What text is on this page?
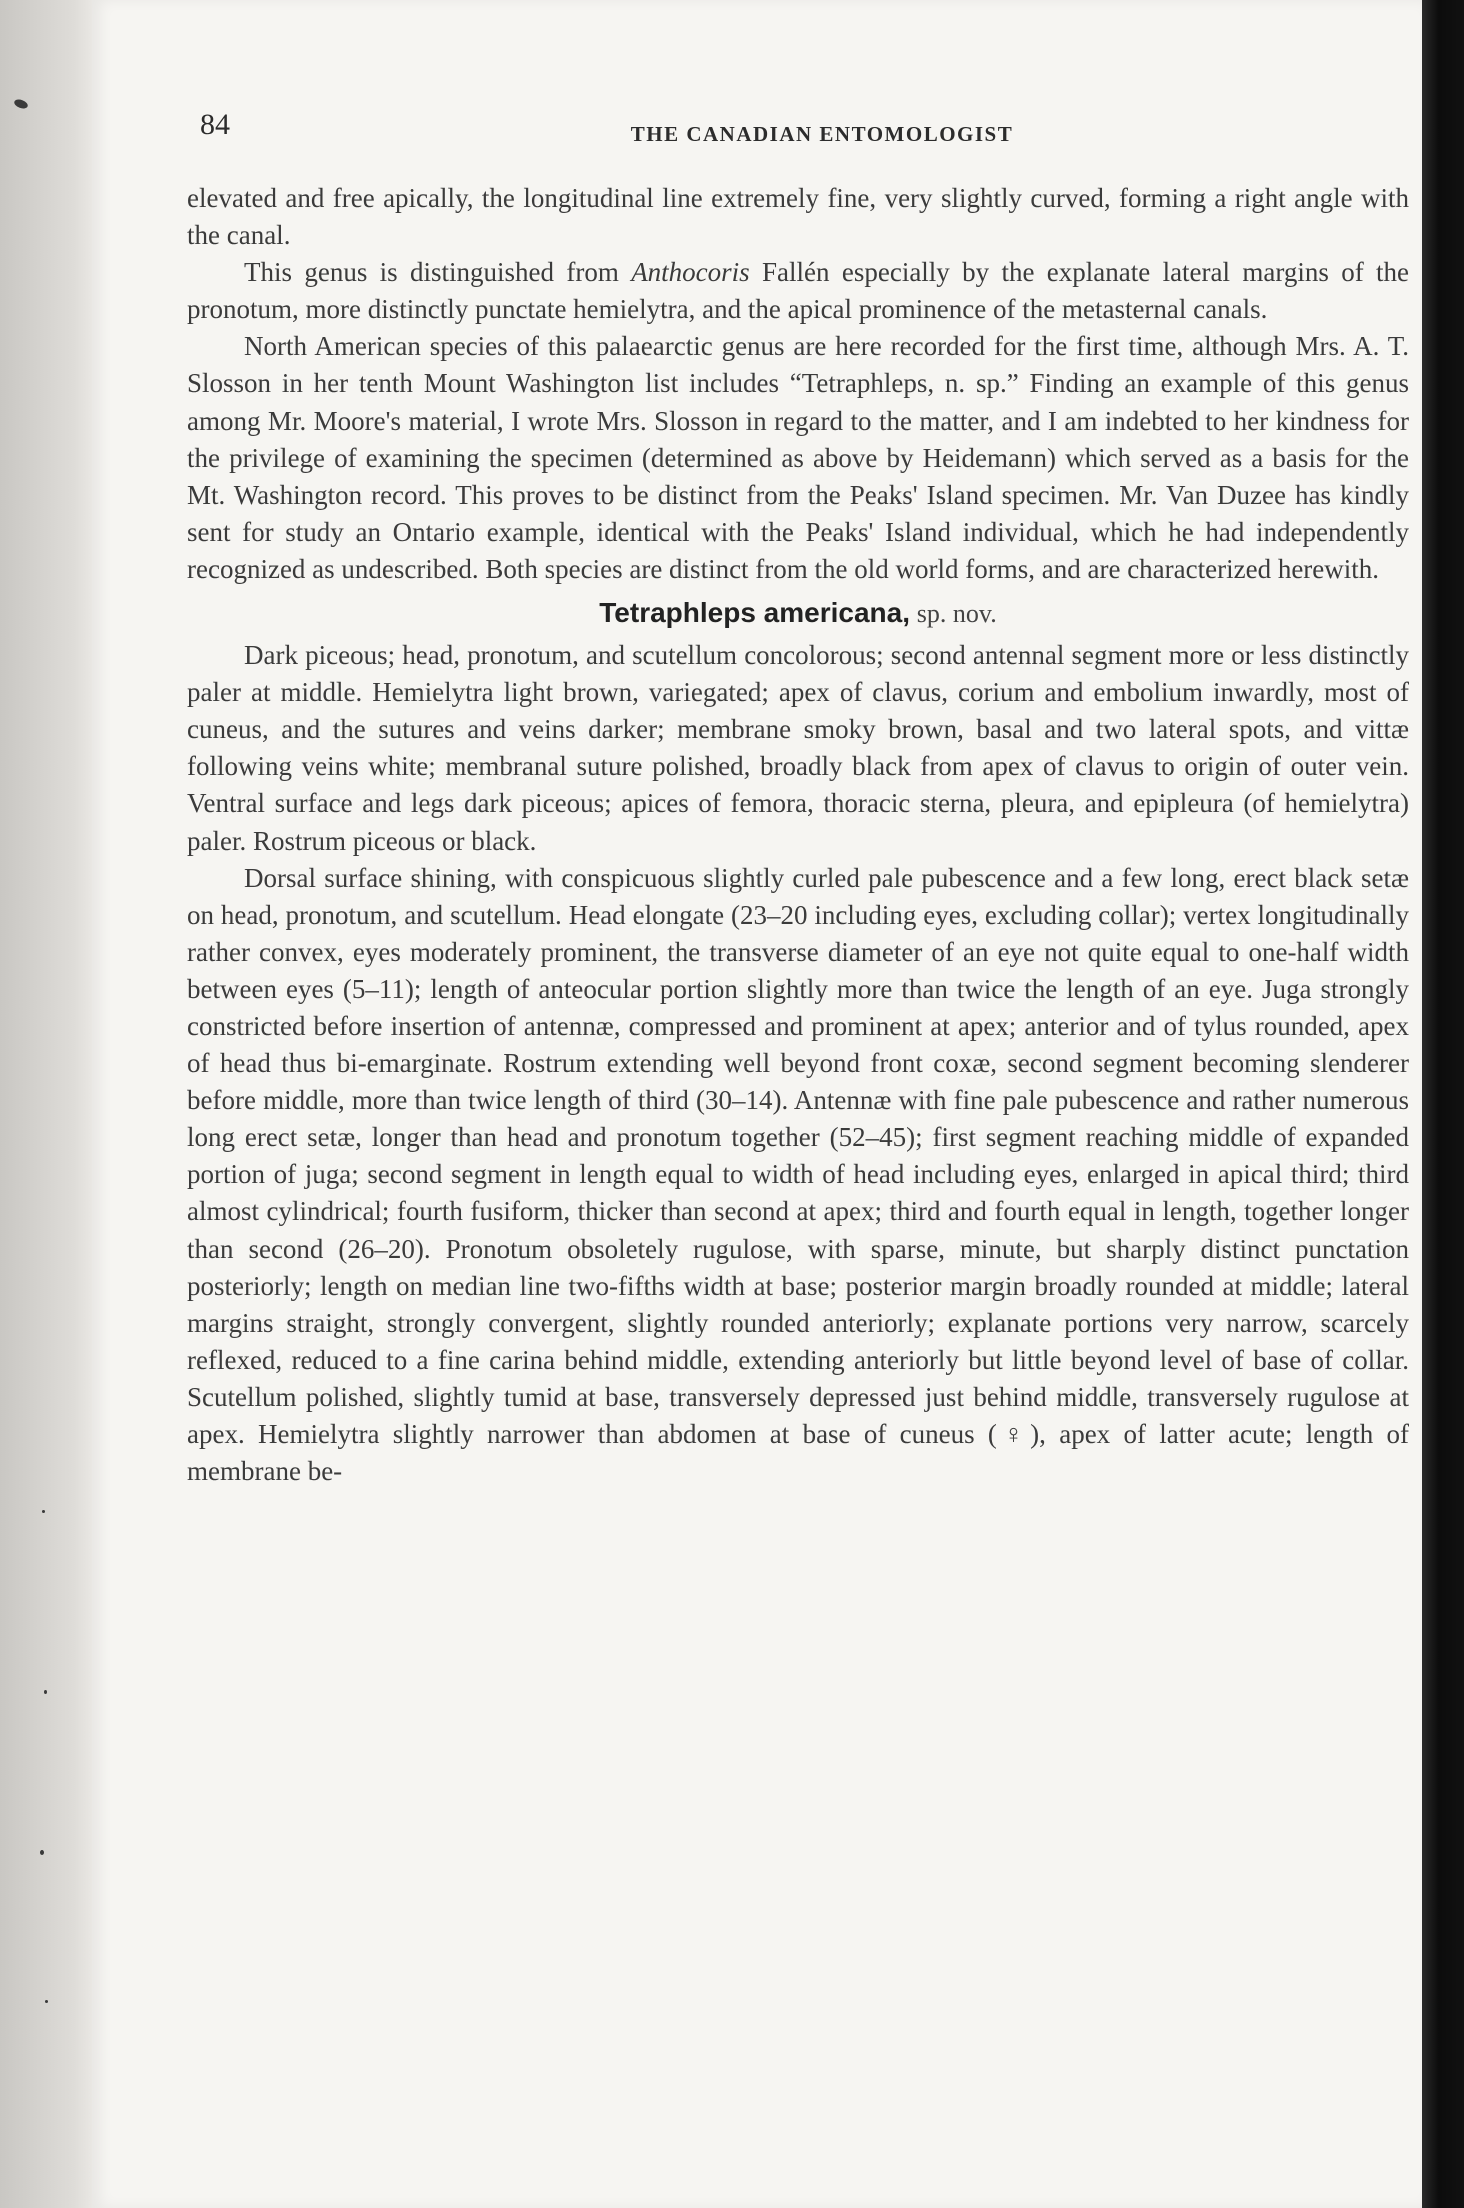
84	THE CANADIAN ENTOMOLOGIST

elevated and free apically, the longitudinal line extremely fine, very slightly curved, forming a right angle with the canal.

This genus is distinguished from Anthocoris Fallén especially by the explanate lateral margins of the pronotum, more distinctly punctate hemielytra, and the apical prominence of the metasternal canals.

North American species of this palaearctic genus are here recorded for the first time, although Mrs. A. T. Slosson in her tenth Mount Washington list includes “Tetraphleps, n. sp.” Finding an example of this genus among Mr. Moore's material, I wrote Mrs. Slosson in regard to the matter, and I am indebted to her kindness for the privilege of examining the specimen (determined as above by Heidemann) which served as a basis for the Mt. Washington record. This proves to be distinct from the Peaks' Island specimen. Mr. Van Duzee has kindly sent for study an Ontario example, identical with the Peaks' Island individual, which he had independently recognized as undescribed. Both species are distinct from the old world forms, and are characterized herewith.

Tetraphleps americana, sp. nov.

Dark piceous; head, pronotum, and scutellum concolorous; second antennal segment more or less distinctly paler at middle. Hemielytra light brown, variegated; apex of clavus, corium and embolium inwardly, most of cuneus, and the sutures and veins darker; membrane smoky brown, basal and two lateral spots, and vittæ following veins white; membranal suture polished, broadly black from apex of clavus to origin of outer vein. Ventral surface and legs dark piceous; apices of femora, thoracic sterna, pleura, and epipleura (of hemielytra) paler. Rostrum piceous or black.

Dorsal surface shining, with conspicuous slightly curled pale pubescence and a few long, erect black setæ on head, pronotum, and scutellum. Head elongate (23–20 including eyes, excluding collar); vertex longitudinally rather convex, eyes moderately prominent, the transverse diameter of an eye not quite equal to one-half width between eyes (5–11); length of anteocular portion slightly more than twice the length of an eye. Juga strongly constricted before insertion of antennæ, compressed and prominent at apex; anterior and of tylus rounded, apex of head thus bi-emarginate. Rostrum extending well beyond front coxæ, second segment becoming slenderer before middle, more than twice length of third (30–14). Antennæ with fine pale pubescence and rather numerous long erect setæ, longer than head and pronotum together (52–45); first segment reaching middle of expanded portion of juga; second segment in length equal to width of head including eyes, enlarged in apical third; third almost cylindrical; fourth fusiform, thicker than second at apex; third and fourth equal in length, together longer than second (26–20). Pronotum obsoletely rugulose, with sparse, minute, but sharply distinct punctation posteriorly; length on median line two-fifths width at base; posterior margin broadly rounded at middle; lateral margins straight, strongly convergent, slightly rounded anteriorly; explanate portions very narrow, scarcely reflexed, reduced to a fine carina behind middle, extending anteriorly but little beyond level of base of collar. Scutellum polished, slightly tumid at base, transversely depressed just behind middle, transversely rugulose at apex. Hemielytra slightly narrower than abdomen at base of cuneus (♀), apex of latter acute; length of membrane be-
